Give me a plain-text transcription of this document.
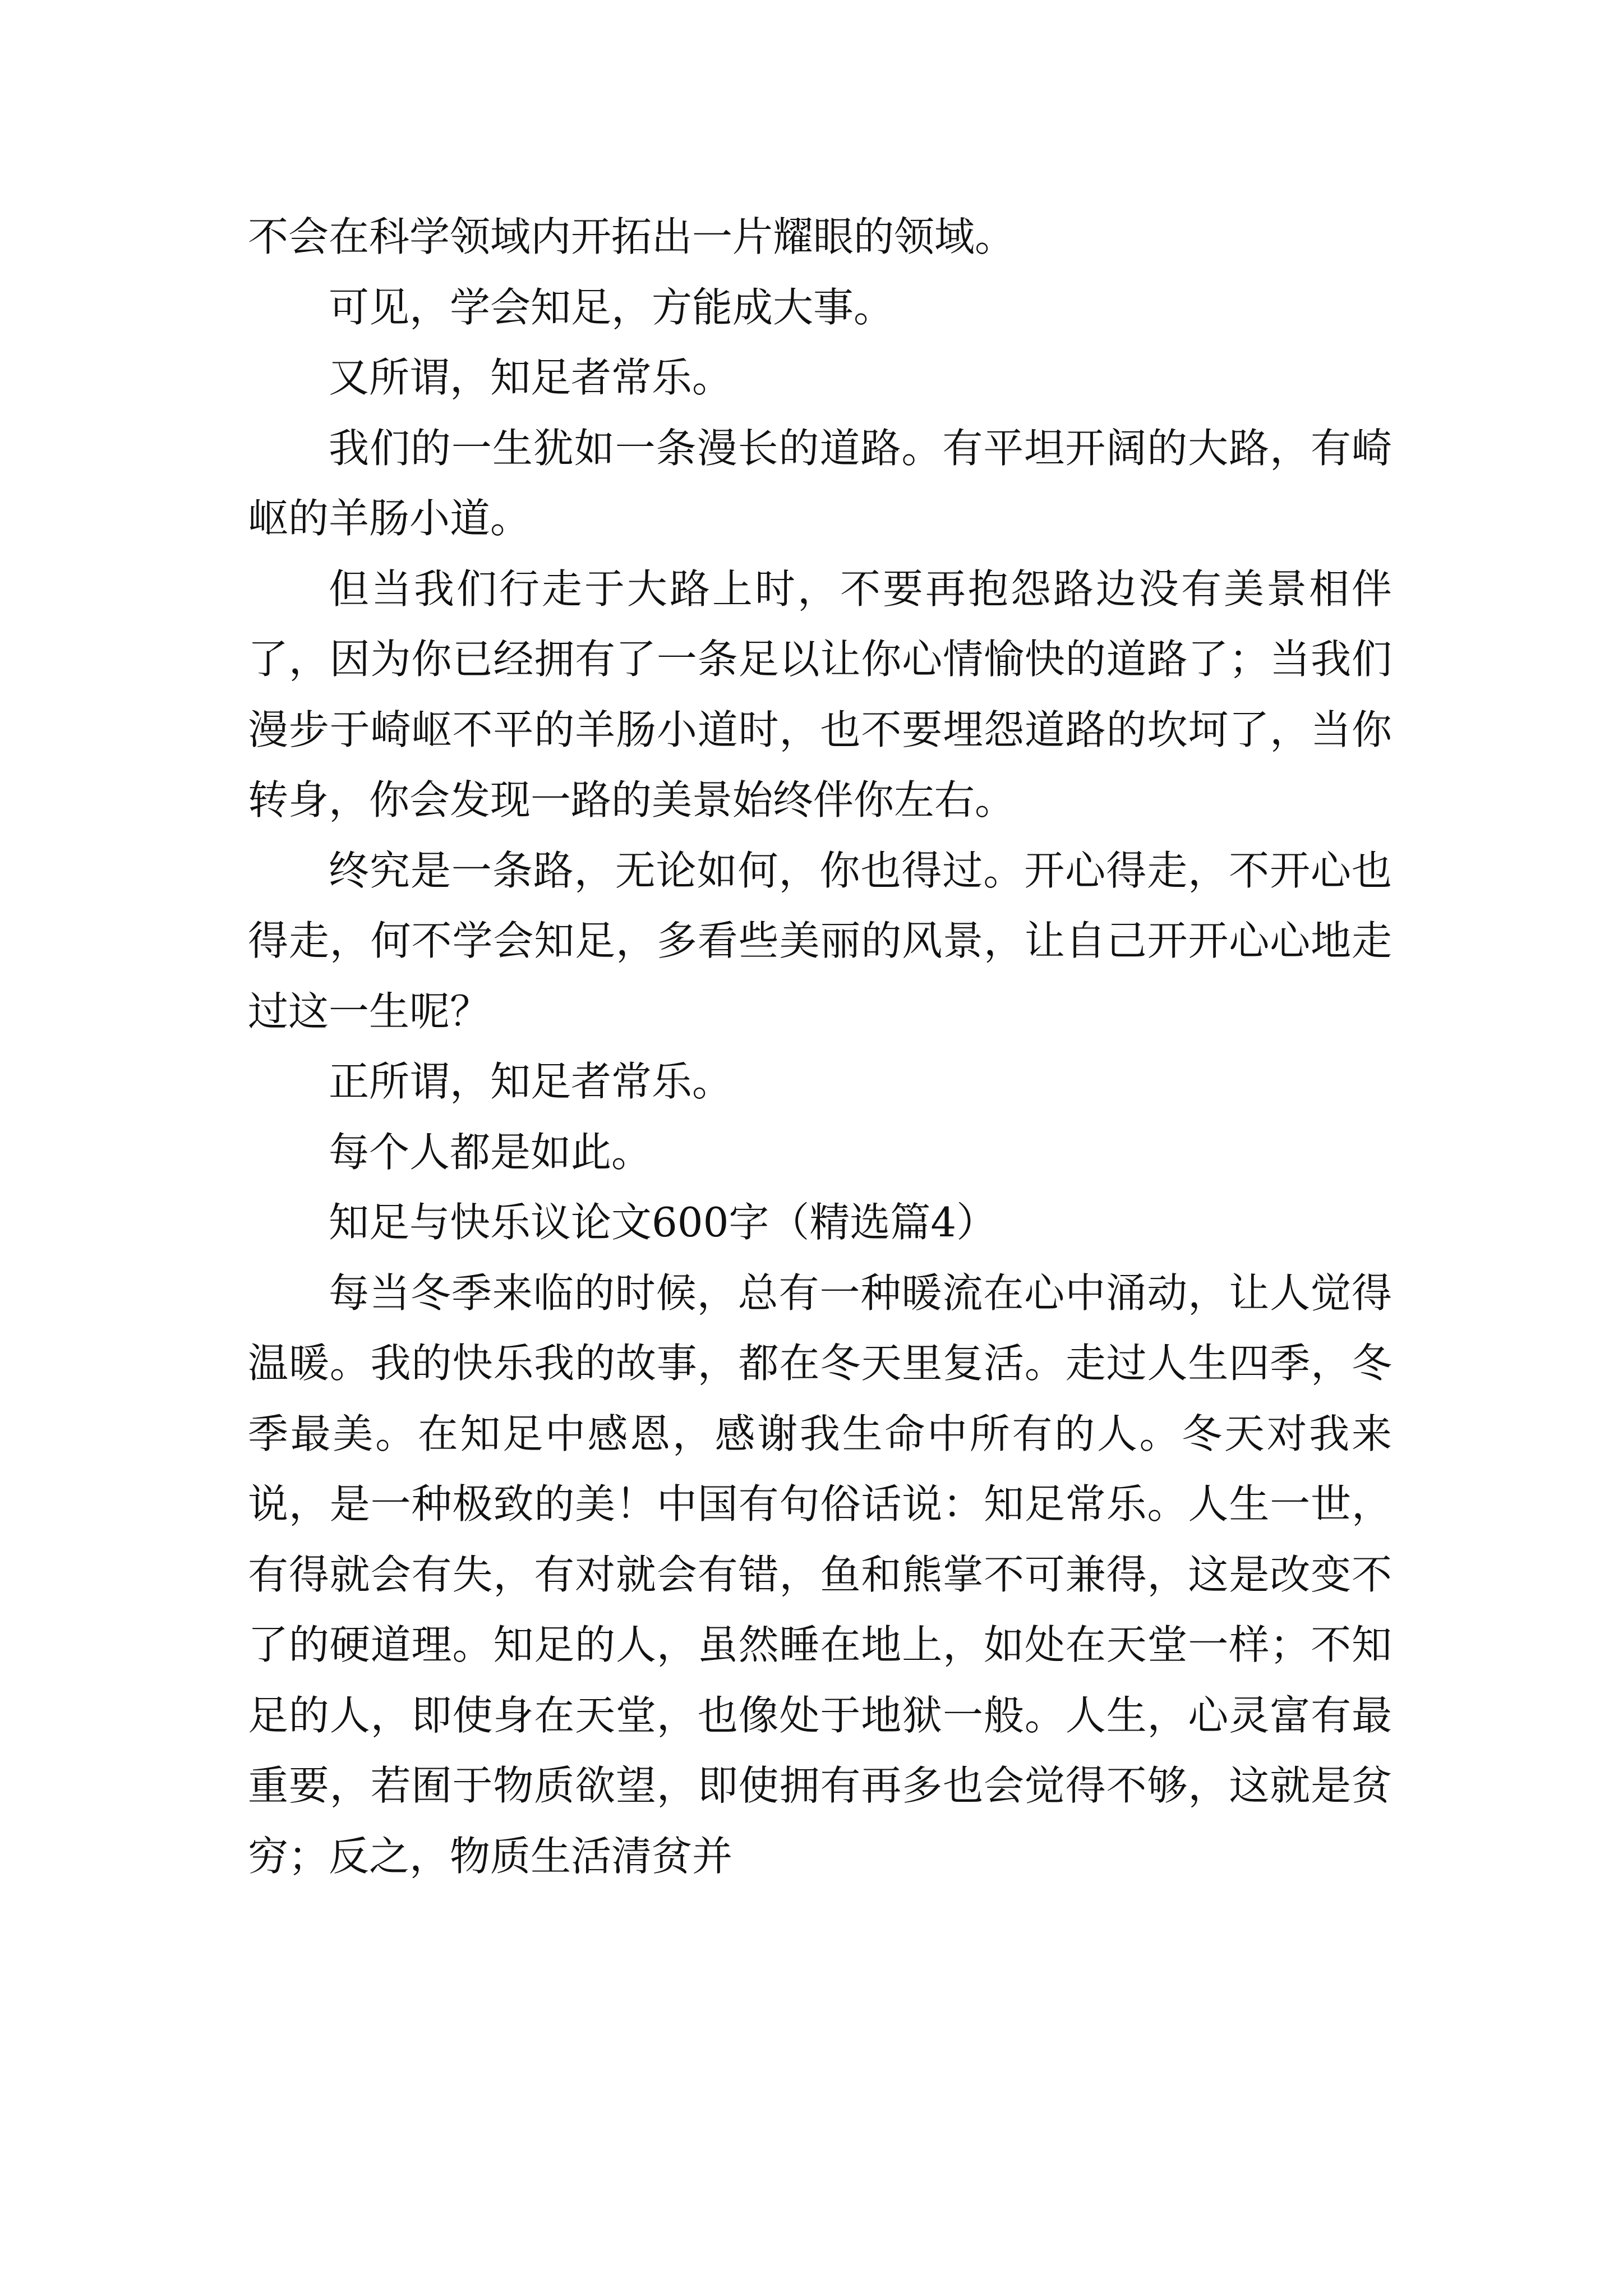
不会在科学领域内开拓出一片耀眼的领域。

可见，学会知足，方能成大事。

又所谓，知足者常乐。

我们的一生犹如一条漫长的道路。有平坦开阔的大路，有崎岖的羊肠小道。

但当我们行走于大路上时，不要再抱怨路边没有美景相伴了，因为你已经拥有了一条足以让你心情愉快的道路了；当我们漫步于崎岖不平的羊肠小道时，也不要埋怨道路的坎坷了，当你转身，你会发现一路的美景始终伴你左右。

终究是一条路，无论如何，你也得过。开心得走，不开心也得走，何不学会知足，多看些美丽的风景，让自己开开心心地走过这一生呢？

正所谓，知足者常乐。

每个人都是如此。

知足与快乐议论文600字（精选篇4）

每当冬季来临的时候，总有一种暖流在心中涌动，让人觉得温暖。我的快乐我的故事，都在冬天里复活。走过人生四季，冬季最美。在知足中感恩，感谢我生命中所有的人。冬天对我来说，是一种极致的美！中国有句俗话说：知足常乐。人生一世，有得就会有失，有对就会有错，鱼和熊掌不可兼得，这是改变不了的硬道理。知足的人，虽然睡在地上，如处在天堂一样；不知足的人，即使身在天堂，也像处于地狱一般。人生，心灵富有最重要，若囿于物质欲望，即使拥有再多也会觉得不够，这就是贫穷；反之，物质生活清贫并
